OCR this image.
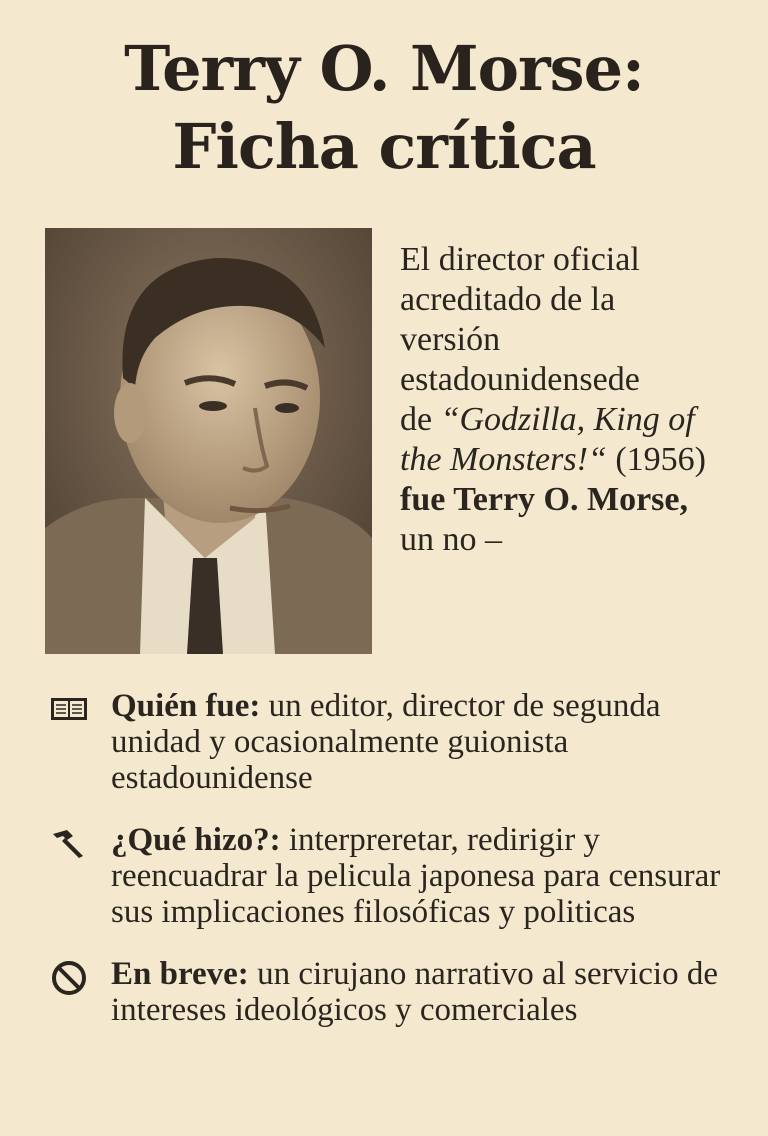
Terry O. Morse:
Ficha crítica

El director oficial
acreditado de la
versión
estadounidensede
de “Godzilla, King of
the Monsters!“ (1956)
fue Terry O. Morse,
un no –

Quién fue: un editor, director de segunda unidad y ocasionalmente guionista estadounidense
¿Qué hizo?: interpreretar, redirigir y reencuadrar la pelicula japonesa para censurar sus implicaciones filosóficas y politicas
En breve: un cirujano narrativo al servicio de intereses ideológicos y comerciales
